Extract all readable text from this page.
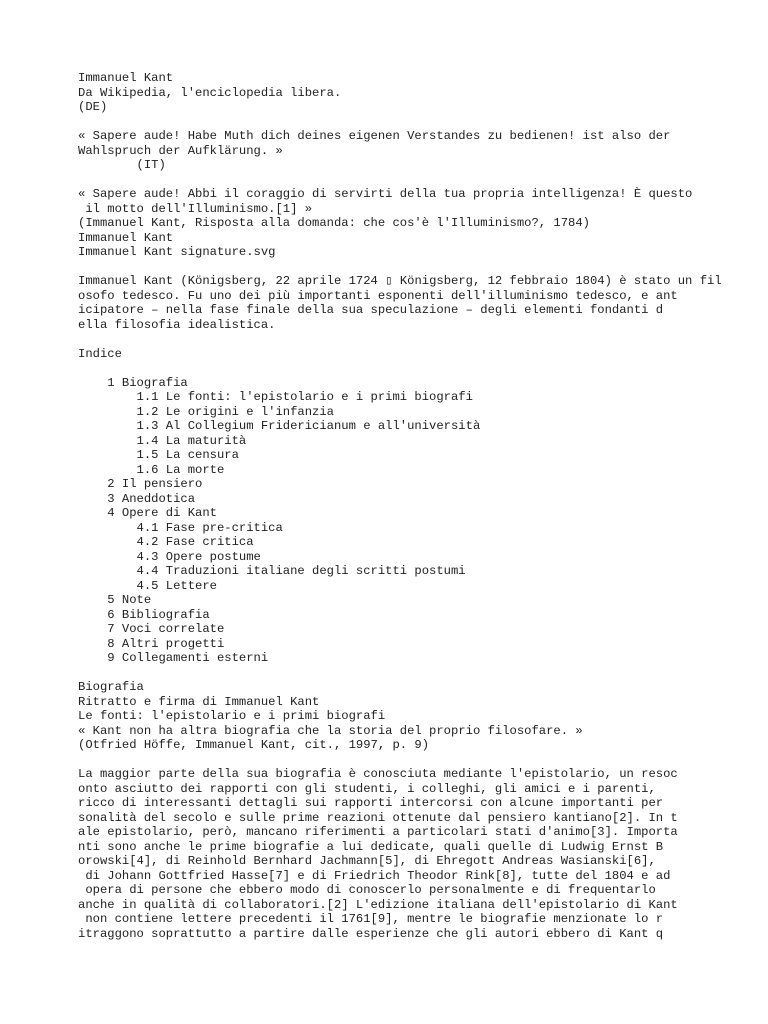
Immanuel Kant
Da Wikipedia, l'enciclopedia libera.
(DE)
« Sapere aude! Habe Muth dich deines eigenen Verstandes zu bedienen! ist also der
Wahlspruch der Aufklärung. »
(IT)
« Sapere aude! Abbi il coraggio di servirti della tua propria intelligenza! È questo
il motto dell'Illuminismo.[1] »
(Immanuel Kant, Risposta alla domanda: che cos'è l'Illuminismo?, 1784)
Immanuel Kant
Immanuel Kant signature.svg
Immanuel Kant (Königsberg, 22 aprile 1724 ▯ Königsberg, 12 febbraio 1804) è stato un fil
osofo tedesco. Fu uno dei più importanti esponenti dell'illuminismo tedesco, e ant
icipatore – nella fase finale della sua speculazione – degli elementi fondanti d
ella filosofia idealistica.
Indice
1 Biografia
1.1 Le fonti: l'epistolario e i primi biografi
1.2 Le origini e l'infanzia
1.3 Al Collegium Fridericianum e all'università
1.4 La maturità
1.5 La censura
1.6 La morte
2 Il pensiero
3 Aneddotica
4 Opere di Kant
4.1 Fase pre-critica
4.2 Fase critica
4.3 Opere postume
4.4 Traduzioni italiane degli scritti postumi
4.5 Lettere
5 Note
6 Bibliografia
7 Voci correlate
8 Altri progetti
9 Collegamenti esterni
Biografia
Ritratto e firma di Immanuel Kant
Le fonti: l'epistolario e i primi biografi
« Kant non ha altra biografia che la storia del proprio filosofare. »
(Otfried Höffe, Immanuel Kant, cit., 1997, p. 9)
La maggior parte della sua biografia è conosciuta mediante l'epistolario, un resoc
onto asciutto dei rapporti con gli studenti, i colleghi, gli amici e i parenti,
ricco di interessanti dettagli sui rapporti intercorsi con alcune importanti per
sonalità del secolo e sulle prime reazioni ottenute dal pensiero kantiano[2]. In t
ale epistolario, però, mancano riferimenti a particolari stati d'animo[3]. Importa
nti sono anche le prime biografie a lui dedicate, quali quelle di Ludwig Ernst B
orowski[4], di Reinhold Bernhard Jachmann[5], di Ehregott Andreas Wasianski[6],
di Johann Gottfried Hasse[7] e di Friedrich Theodor Rink[8], tutte del 1804 e ad
opera di persone che ebbero modo di conoscerlo personalmente e di frequentarlo
anche in qualità di collaboratori.[2] L'edizione italiana dell'epistolario di Kant
non contiene lettere precedenti il 1761[9], mentre le biografie menzionate lo r
itraggono soprattutto a partire dalle esperienze che gli autori ebbero di Kant q
